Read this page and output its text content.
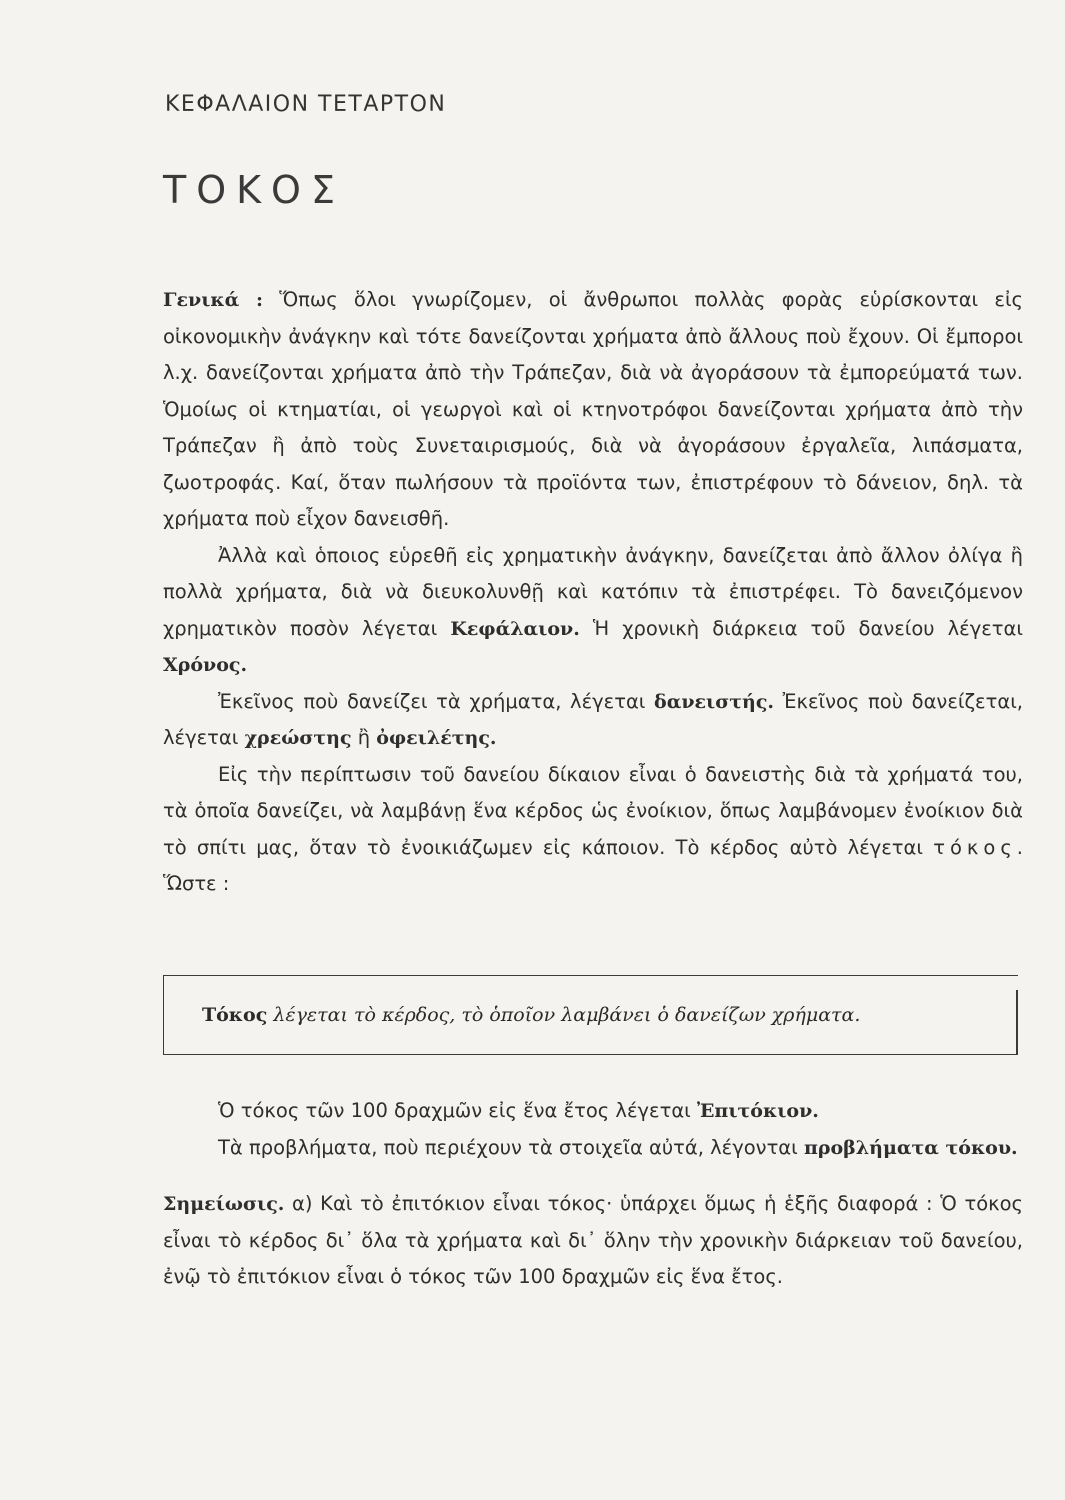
ΚΕΦΑΛΑΙΟΝ ΤΕΤΑΡΤΟΝ
ΤΟΚΟΣ

Γενικά : Ὅπως ὅλοι γνωρίζομεν, οἱ ἄνθρωποι πολλὰς φορὰς εὑρίσκονται εἰς οἰκονομικὴν ἀνάγκην καὶ τότε δανείζονται χρήματα ἀπὸ ἄλλους ποὺ ἔχουν. Οἱ ἔμποροι λ.χ. δανείζονται χρήματα ἀπὸ τὴν Τράπεζαν, διὰ νὰ ἀγοράσουν τὰ ἐμπορεύματά των. Ὁμοίως οἱ κτηματίαι, οἱ γεωργοὶ καὶ οἱ κτηνοτρόφοι δανείζονται χρήματα ἀπὸ τὴν Τράπεζαν ἢ ἀπὸ τοὺς Συνεταιρισμούς, διὰ νὰ ἀγοράσουν ἐργαλεῖα, λιπάσματα, ζωοτροφάς. Καί, ὅταν πωλήσουν τὰ προϊόντα των, ἐπιστρέφουν τὸ δάνειον, δηλ. τὰ χρήματα ποὺ εἶχον δανεισθῆ.

Ἀλλὰ καὶ ὁποιος εὑρεθῆ εἰς χρηματικὴν ἀνάγκην, δανείζεται ἀπὸ ἄλλον ὀλίγα ἢ πολλὰ χρήματα, διὰ νὰ διευκολυνθῇ καὶ κατόπιν τὰ ἐπιστρέφει. Τὸ δανειζόμενον χρηματικὸν ποσὸν λέγεται Κεφάλαιον. Ἡ χρονικὴ διάρκεια τοῦ δανείου λέγεται Χρόνος.

Ἐκεῖνος ποὺ δανείζει τὰ χρήματα, λέγεται δανειστής. Ἐκεῖνος ποὺ δανείζεται, λέγεται χρεώστης ἢ ὀφειλέτης.

Εἰς τὴν περίπτωσιν τοῦ δανείου δίκαιον εἶναι ὁ δανειστὴς διὰ τὰ χρήματά του, τὰ ὁποῖα δανείζει, νὰ λαμβάνῃ ἕνα κέρδος ὡς ἐνοίκιον, ὅπως λαμβάνομεν ἐνοίκιον διὰ τὸ σπίτι μας, ὅταν τὸ ἐνοικιάζωμεν εἰς κάποιον. Τὸ κέρδος αὐτὸ λέγεται τόκος. Ὥστε :

Τόκος λέγεται τὸ κέρδος, τὸ ὁποῖον λαμβάνει ὁ δανείζων χρήματα.

Ὁ τόκος τῶν 100 δραχμῶν εἰς ἕνα ἔτος λέγεται Ἐπιτόκιον.

Τὰ προβλήματα, ποὺ περιέχουν τὰ στοιχεῖα αὐτά, λέγονται προβλήματα τόκου.

Σημείωσις. α) Καὶ τὸ ἐπιτόκιον εἶναι τόκος· ὑπάρχει ὅμως ἡ ἑξῆς διαφορά : Ὁ τόκος εἶναι τὸ κέρδος δι᾽ ὅλα τὰ χρήματα καὶ δι᾽ ὅλην τὴν χρονικὴν διάρκειαν τοῦ δανείου, ἐνῷ τὸ ἐπιτόκιον εἶναι ὁ τόκος τῶν 100 δραχμῶν εἰς ἕνα ἔτος.
